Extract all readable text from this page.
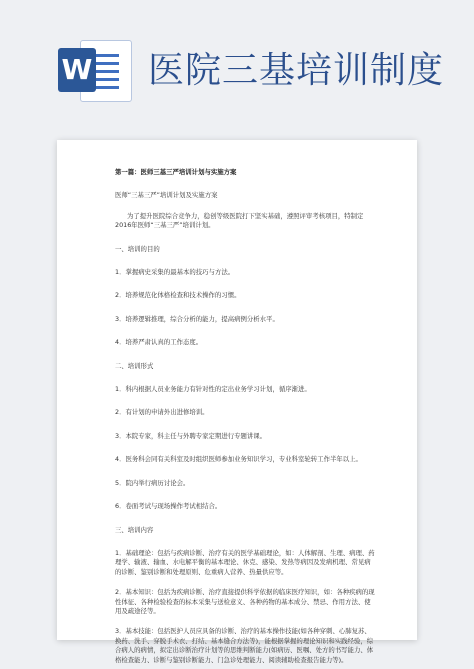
W 医院三基培训制度

第一篇：医师三基三严培训计划与实施方案

医师“三基三严”培训计划及实施方案

为了提升医院综合竞争力，稳创等级医院打下坚实基础，遵照评审考核项目，特制定2016年医师“三基三严”培训计划。

一、培训的目的

1．掌握病史采集的最基本的技巧与方法。

2．培养规范化体格检查和技术操作的习惯。

3．培养逻辑推理，综合分析的能力，提高病例分析水平。

4．培养严肃认真的工作态度。

二、培训形式

1．科内根据人员业务能力有针对性的定出业务学习计划，循序渐进。

2．有计划的申请外出进修培训。

3．本院专家，科主任与外聘专家定期进行专题讲课。

4．医务科会同有关科室及时组织医师参加业务知识学习，专业科室轮转工作半年以上。

5．院内举行病历讨论会。

6．卷面考试与现场操作考试相结合。

三、培训内容

1．基础理论：包括与疾病诊断、治疗有关的医学基础理论，如：人体解剖、生理、病理、药理学、输液、输血、水电解平衡的基本理论、休克、感染、发热等病因及发病机理、常见病的诊断、鉴别诊断和处理原则、危重病人营养、热量供应等。

2．基本知识：包括为疾病诊断、治疗直接提供科学依据的临床医疗知识，如：各种疾病的现性体征、各种检验检查的标本采集与送检意义、各种药物的基本成分、禁忌、作用方法、使用及疏途径等。

3．基本技能：包括医护人员应具备的诊断、治疗的基本操作技能(如各种穿刺、心肺复苏、换药、洗手、穿脱手术衣、打结、基本缝合方法等)，能根据掌握的理论知识和实践经验，综合病人的病情，拟定出诊断治疗计划等的思维判断能力(如病历、医嘱、处方的书写能力、体格检查能力、诊断与鉴别诊断能力、门急诊处理能力、阅读辅助检查报告能力等)。
